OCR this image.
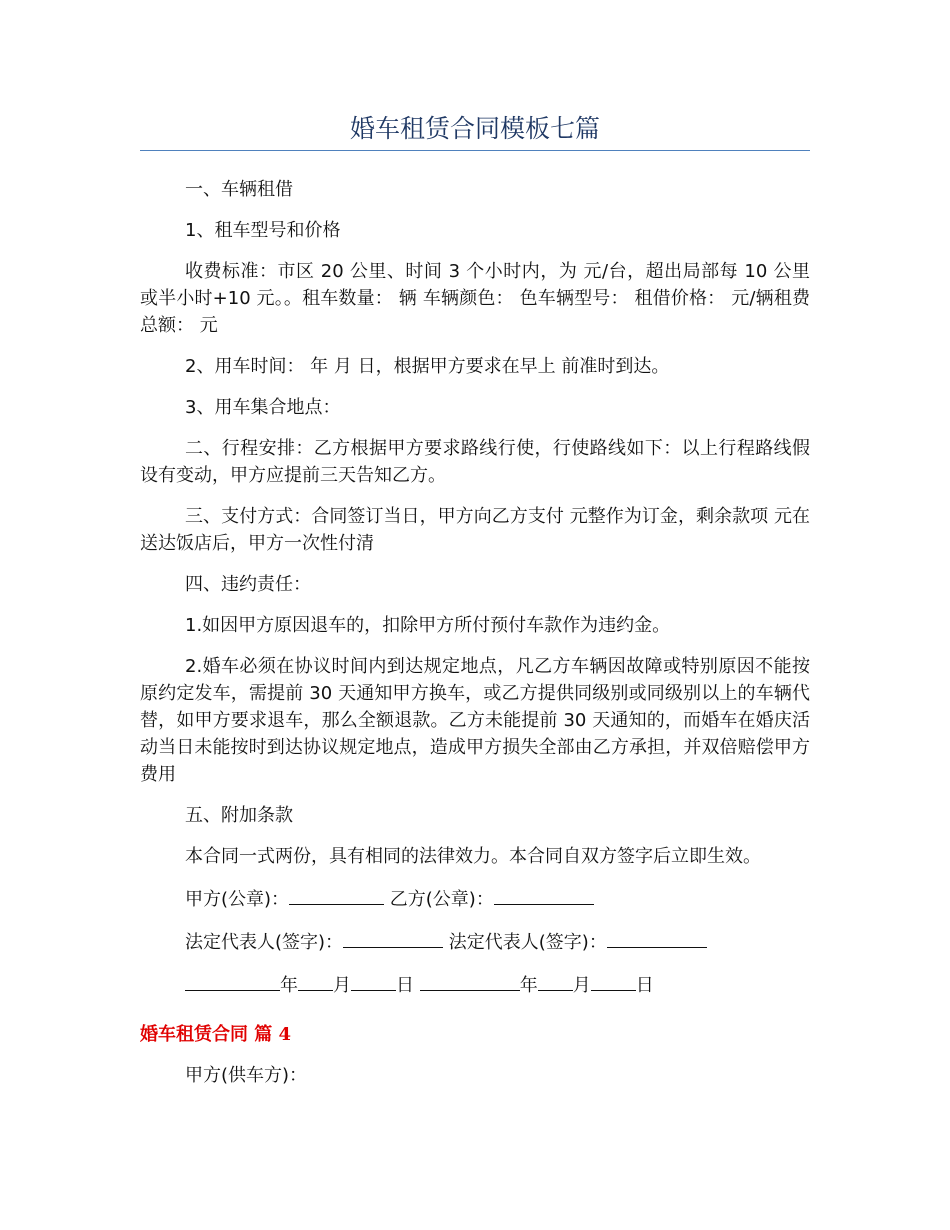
婚车租赁合同模板七篇

一、车辆租借

1、租车型号和价格

收费标准：市区 20 公里、时间 3 个小时内，为 元/台，超出局部每 10 公里或半小时+10 元。。租车数量： 辆 车辆颜色： 色车辆型号： 租借价格： 元/辆租费总额： 元

2、用车时间： 年 月 日，根据甲方要求在早上 前准时到达。

3、用车集合地点：

二、行程安排：乙方根据甲方要求路线行使，行使路线如下：以上行程路线假设有变动，甲方应提前三天告知乙方。

三、支付方式：合同签订当日，甲方向乙方支付 元整作为订金，剩余款项 元在送达饭店后，甲方一次性付清

四、违约责任：

1.如因甲方原因退车的，扣除甲方所付预付车款作为违约金。

2.婚车必须在协议时间内到达规定地点，凡乙方车辆因故障或特别原因不能按原约定发车，需提前 30 天通知甲方换车，或乙方提供同级别或同级别以上的车辆代替，如甲方要求退车，那么全额退款。乙方未能提前 30 天通知的，而婚车在婚庆活动当日未能按时到达协议规定地点，造成甲方损失全部由乙方承担，并双倍赔偿甲方费用

五、附加条款

本合同一式两份，具有相同的法律效力。本合同自双方签字后立即生效。

甲方(公章)：	乙方(公章)：

法定代表人(签字)：	法定代表人(签字)：

年 月	日	年 月	日

婚车租赁合同 篇 4

甲方(供车方)：
